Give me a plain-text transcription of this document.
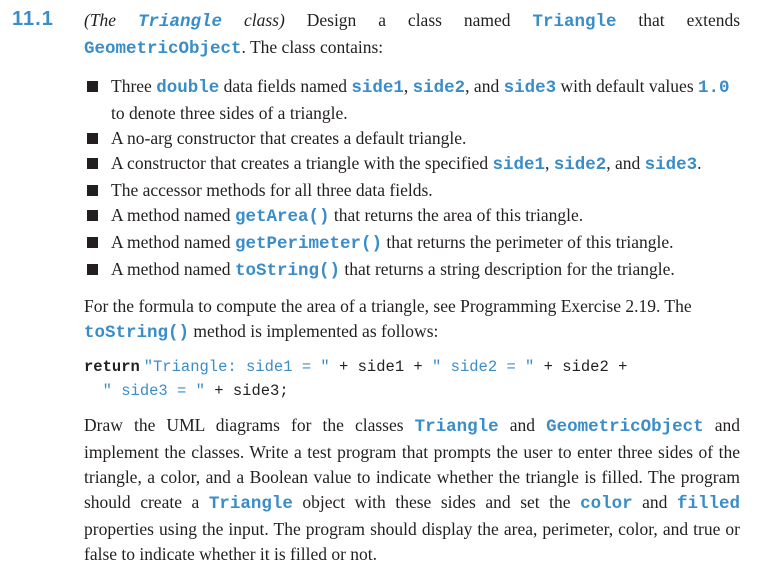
11.1 (The Triangle class) Design a class named Triangle that extends GeometricObject. The class contains:

Three double data fields named side1, side2, and side3 with default values 1.0 to denote three sides of a triangle.
A no-arg constructor that creates a default triangle.
A constructor that creates a triangle with the specified side1, side2, and side3.
The accessor methods for all three data fields.
A method named getArea() that returns the area of this triangle.
A method named getPerimeter() that returns the perimeter of this triangle.
A method named toString() that returns a string description for the triangle.

For the formula to compute the area of a triangle, see Programming Exercise 2.19. The toString() method is implemented as follows:

return "Triangle: side1 = " + side1 + " side2 = " + side2 +
" side3 = " + side3;

Draw the UML diagrams for the classes Triangle and GeometricObject and implement the classes. Write a test program that prompts the user to enter three sides of the triangle, a color, and a Boolean value to indicate whether the triangle is filled. The program should create a Triangle object with these sides and set the color and filled properties using the input. The program should display the area, perimeter, color, and true or false to indicate whether it is filled or not.
